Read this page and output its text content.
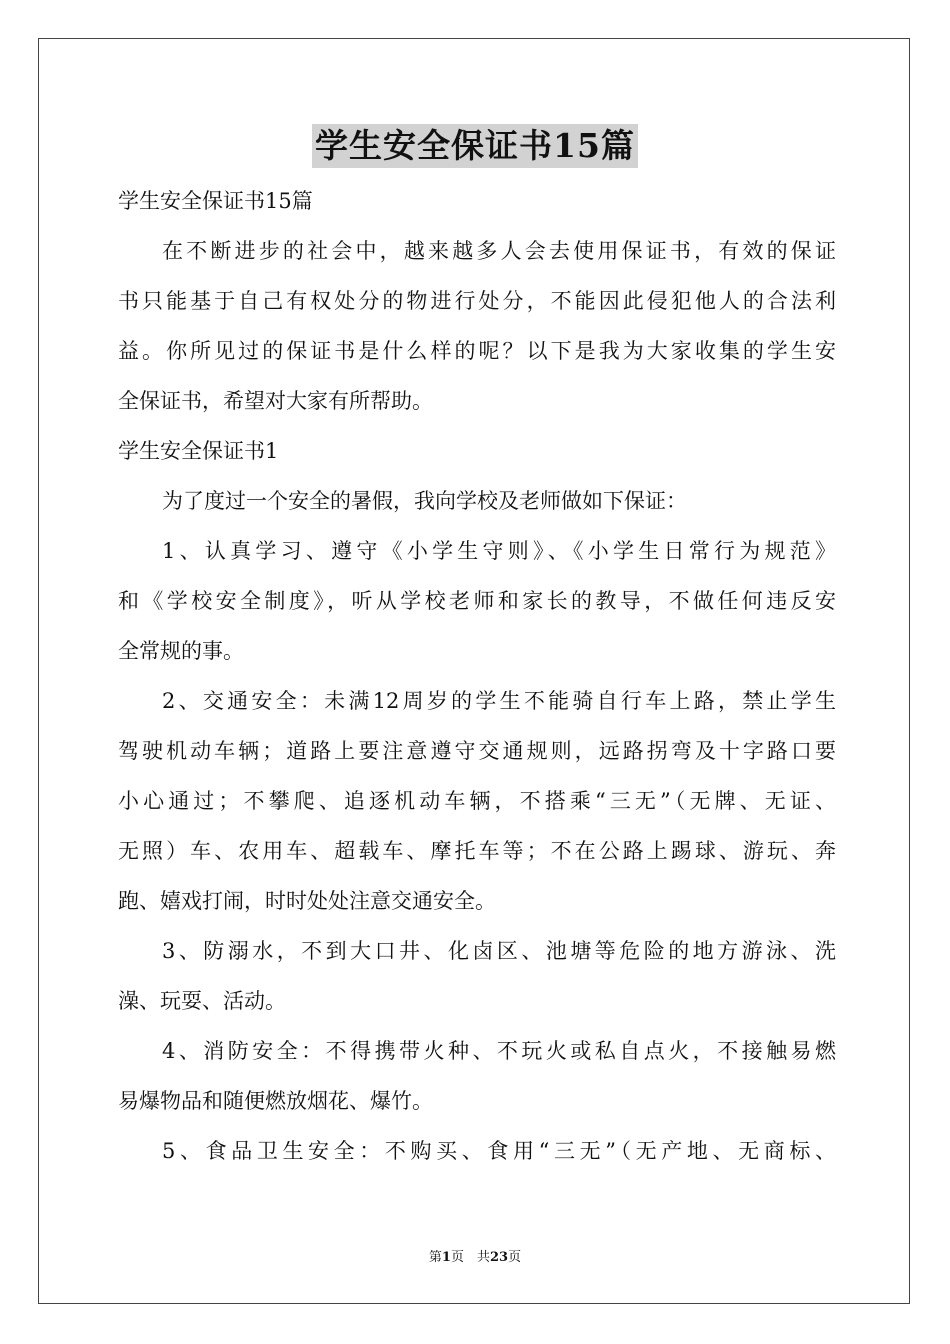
学生安全保证书15篇
学生安全保证书15篇
在不断进步的社会中，越来越多人会去使用保证书，有效的保证
书只能基于自己有权处分的物进行处分，不能因此侵犯他人的合法利
益。你所见过的保证书是什么样的呢？以下是我为大家收集的学生安
全保证书，希望对大家有所帮助。
学生安全保证书1
为了度过一个安全的暑假，我向学校及老师做如下保证：
1、认真学习、遵守《小学生守则》、《小学生日常行为规范》
和《学校安全制度》，听从学校老师和家长的教导，不做任何违反安
全常规的事。
2、交通安全：未满12周岁的学生不能骑自行车上路，禁止学生
驾驶机动车辆；道路上要注意遵守交通规则，远路拐弯及十字路口要
小心通过；不攀爬、追逐机动车辆，不搭乘“三无”（无牌、无证、
无照）车、农用车、超载车、摩托车等；不在公路上踢球、游玩、奔
跑、嬉戏打闹，时时处处注意交通安全。
3、防溺水，不到大口井、化卤区、池塘等危险的地方游泳、洗
澡、玩耍、活动。
4、消防安全：不得携带火种、不玩火或私自点火，不接触易燃
易爆物品和随便燃放烟花、爆竹。
5、食品卫生安全：不购买、食用“三无”（无产地、无商标、
第1页　共23页
